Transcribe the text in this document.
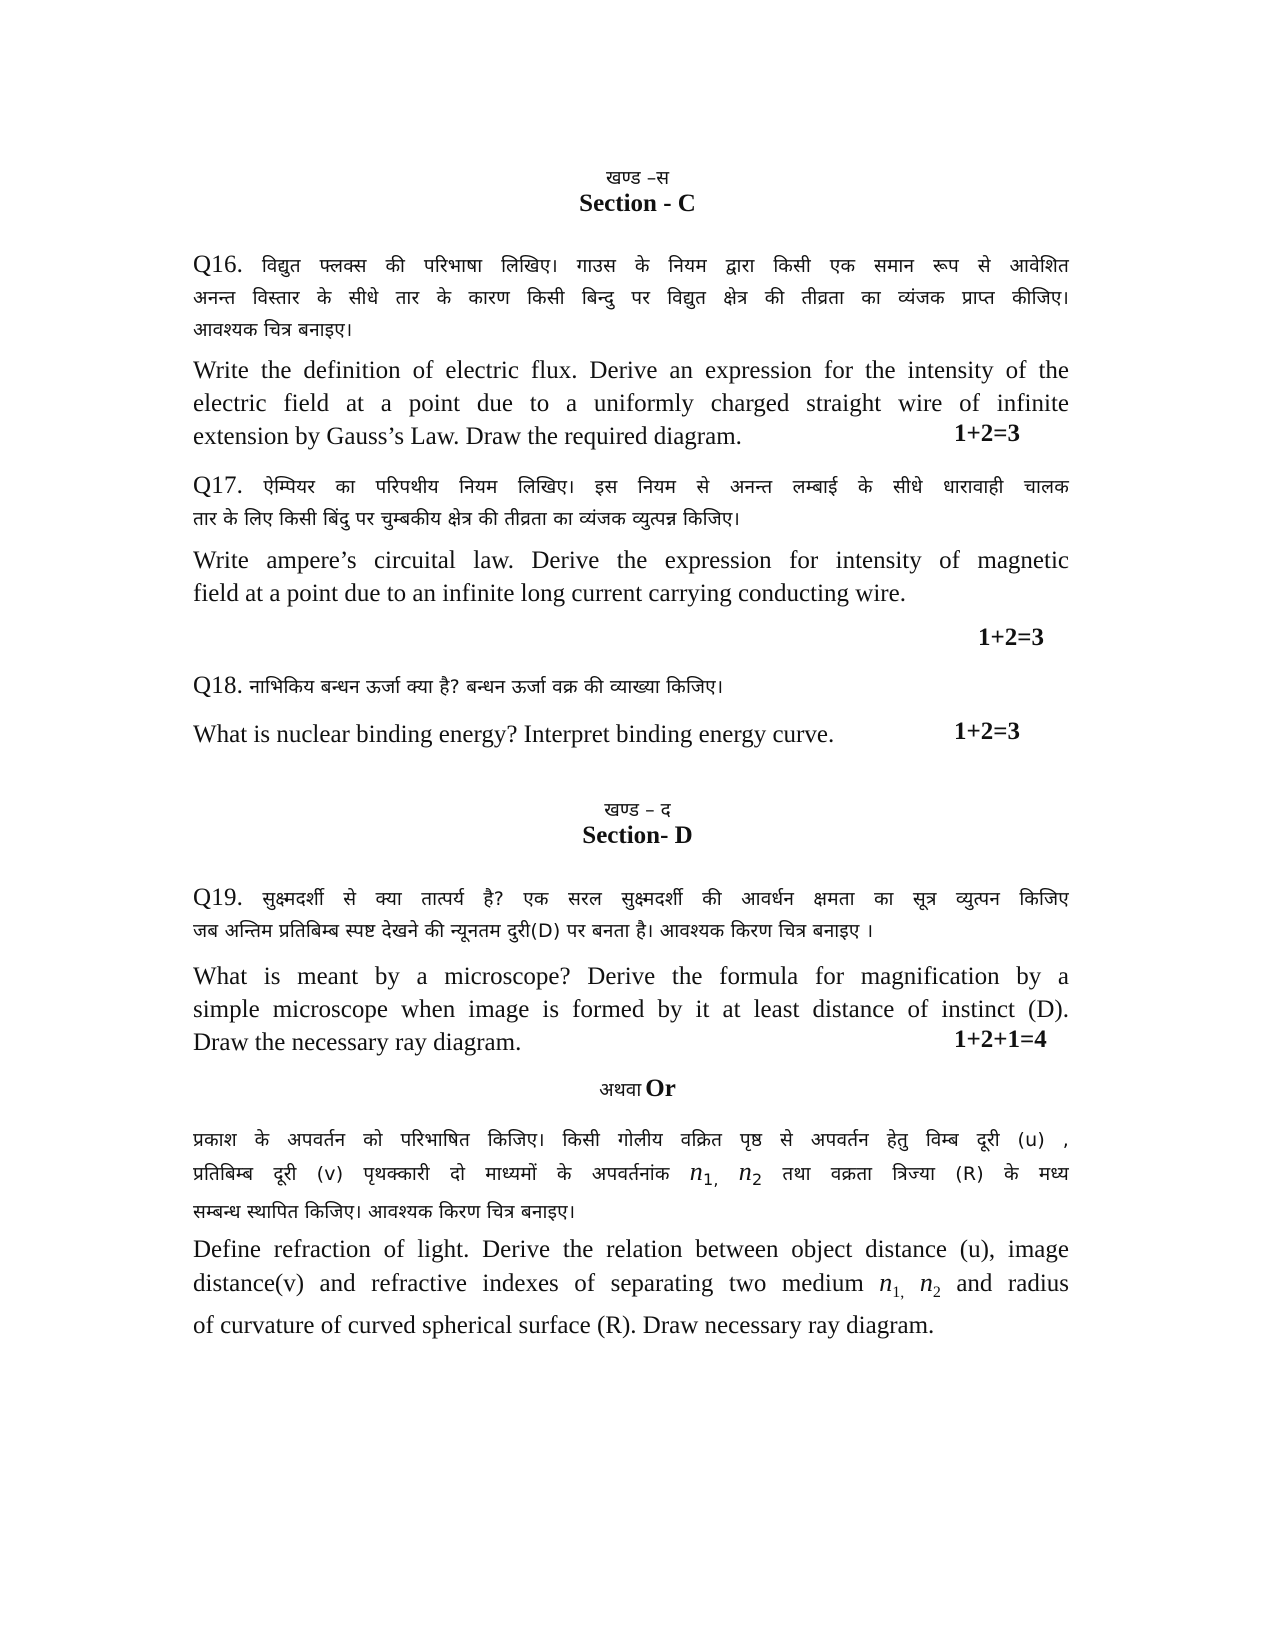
खण्ड –स
Section - C
Q16. विद्युत फ्लक्स की परिभाषा लिखिए। गाउस के नियम द्वारा किसी एक समान रूप से आवेशित
अनन्त विस्तार के सीधे तार के कारण किसी बिन्दु पर विद्युत क्षेत्र की तीव्रता का व्यंजक प्राप्त कीजिए।
आवश्यक चित्र बनाइए।
Write the definition of electric flux. Derive an expression for the intensity of the
electric field at a point due to a uniformly charged straight wire of infinite
extension by Gauss’s Law. Draw the required diagram.	1+2=3
Q17. ऐम्पियर का परिपथीय नियम लिखिए। इस नियम से अनन्त लम्बाई के सीधे धारावाही चालक
तार के लिए किसी बिंदु पर चुम्बकीय क्षेत्र की तीव्रता का व्यंजक व्युत्पन्न किजिए।
Write ampere’s circuital law. Derive the expression for intensity of magnetic
field at a point due to an infinite long current carrying conducting wire.
1+2=3
Q18. नाभिकिय बन्धन ऊर्जा क्या है? बन्धन ऊर्जा वक्र की व्याख्या किजिए।
What is nuclear binding energy? Interpret binding energy curve.	1+2=3
खण्ड – द
Section- D
Q19. सुक्ष्मदर्शी से क्या तात्पर्य है? एक सरल सुक्ष्मदर्शी की आवर्धन क्षमता का सूत्र व्युत्पन किजिए
जब अन्तिम प्रतिबिम्ब स्पष्ट देखने की न्यूनतम दुरी(D) पर बनता है। आवश्यक किरण चित्र बनाइए ।
What is meant by a microscope? Derive the formula for magnification by a
simple microscope when image is formed by it at least distance of instinct (D).
Draw the necessary ray diagram.	1+2+1=4
अथवा Or
प्रकाश के अपवर्तन को परिभाषित किजिए। किसी गोलीय वक्रित पृष्ठ से अपवर्तन हेतु विम्ब दूरी (u) ,
प्रतिबिम्ब दूरी (v) पृथक्कारी दो माध्यमों के अपवर्तनांक $n_{1,}$ $n_2$ तथा वक्रता त्रिज्या (R) के मध्य
सम्बन्ध स्थापित किजिए। आवश्यक किरण चित्र बनाइए।
Define refraction of light. Derive the relation between object distance (u), image
distance(v) and refractive indexes of separating two medium $n_{1,}$ $n_2$ and radius
of curvature of curved spherical surface (R). Draw necessary ray diagram.
